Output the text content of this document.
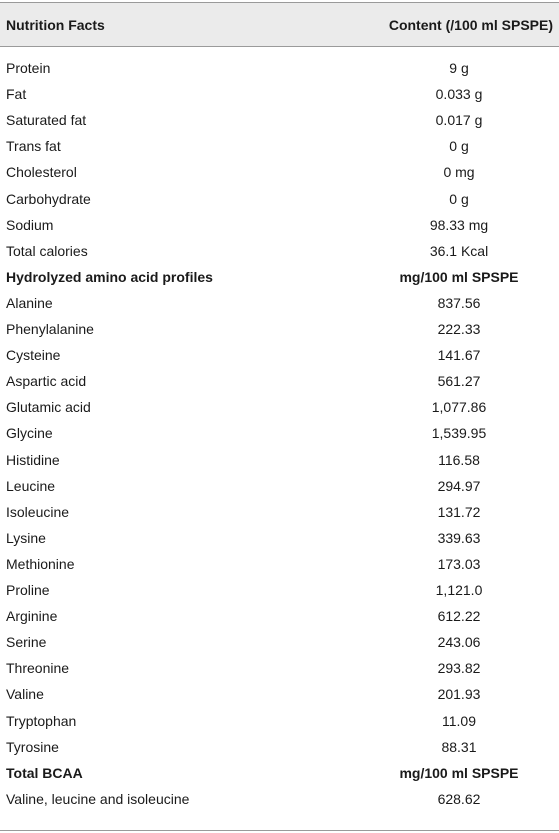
Nutrition Facts	Content (/100 ml SPSPE)
Protein	9 g
Fat	0.033 g
Saturated fat	0.017 g
Trans fat	0 g
Cholesterol	0 mg
Carbohydrate	0 g
Sodium	98.33 mg
Total calories	36.1 Kcal
Hydrolyzed amino acid profiles	mg/100 ml SPSPE
Alanine	837.56
Phenylalanine	222.33
Cysteine	141.67
Aspartic acid	561.27
Glutamic acid	1,077.86
Glycine	1,539.95
Histidine	116.58
Leucine	294.97
Isoleucine	131.72
Lysine	339.63
Methionine	173.03
Proline	1,121.0
Arginine	612.22
Serine	243.06
Threonine	293.82
Valine	201.93
Tryptophan	11.09
Tyrosine	88.31
Total BCAA	mg/100 ml SPSPE
Valine, leucine and isoleucine	628.62
